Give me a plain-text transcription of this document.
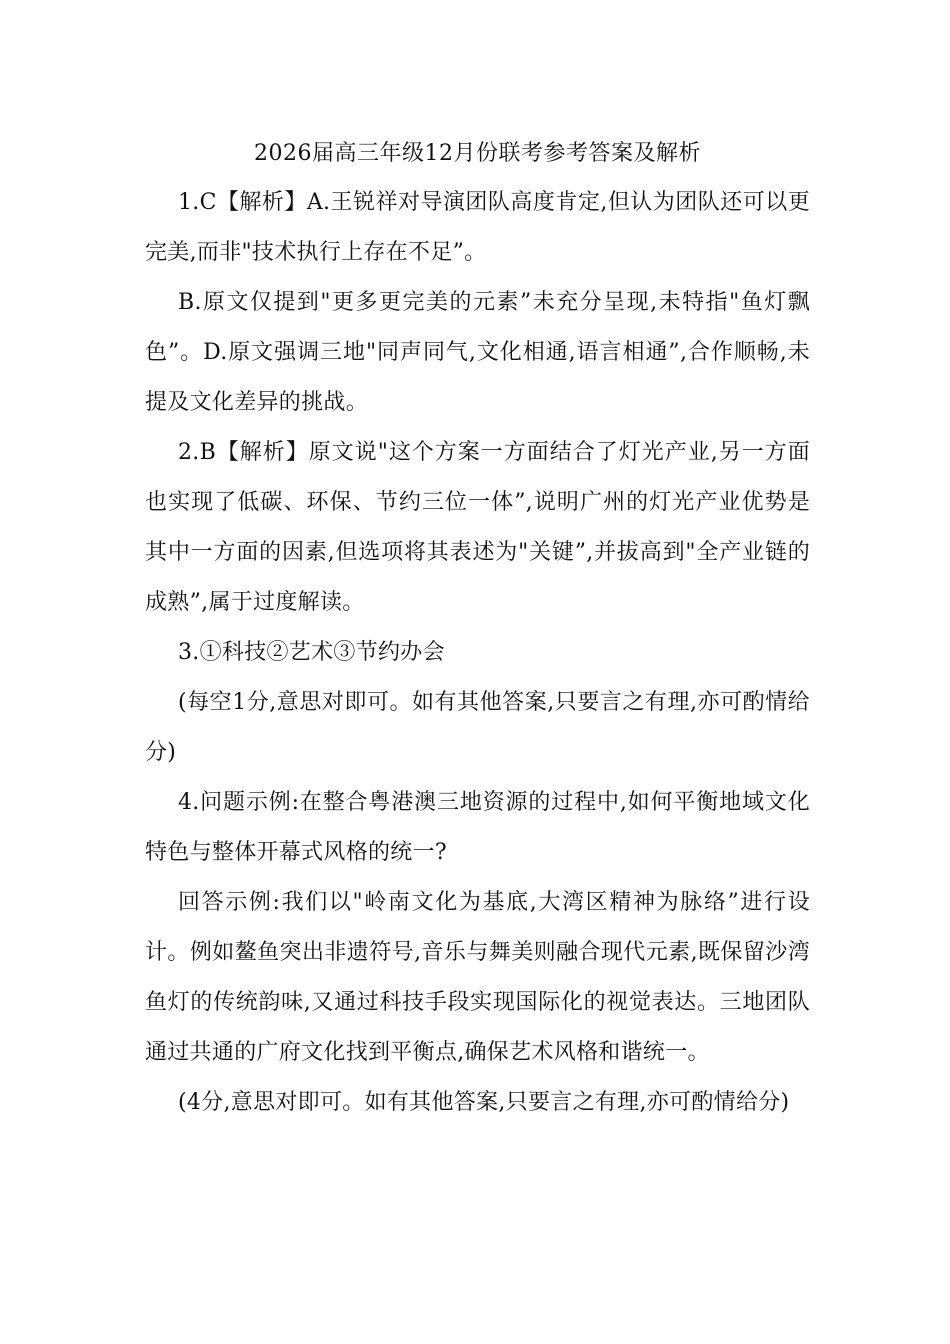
2026届高三年级12月份联考参考答案及解析

1.C【解析】A.王锐祥对导演团队高度肯定,但认为团队还可以更完美,而非"技术执行上存在不足”。

B.原文仅提到"更多更完美的元素”未充分呈现,未特指"鱼灯飘色”。D.原文强调三地"同声同气,文化相通,语言相通”,合作顺畅,未提及文化差异的挑战。

2.B【解析】原文说"这个方案一方面结合了灯光产业,另一方面也实现了低碳、环保、节约三位一体”,说明广州的灯光产业优势是其中一方面的因素,但选项将其表述为"关键”,并拔高到"全产业链的成熟”,属于过度解读。

3.①科技②艺术③节约办会

(每空1分,意思对即可。如有其他答案,只要言之有理,亦可酌情给分)

4.问题示例:在整合粤港澳三地资源的过程中,如何平衡地域文化特色与整体开幕式风格的统一?

回答示例:我们以"岭南文化为基底,大湾区精神为脉络”进行设计。例如鳌鱼突出非遗符号,音乐与舞美则融合现代元素,既保留沙湾鱼灯的传统韵味,又通过科技手段实现国际化的视觉表达。三地团队通过共通的广府文化找到平衡点,确保艺术风格和谐统一。

(4分,意思对即可。如有其他答案,只要言之有理,亦可酌情给分)
